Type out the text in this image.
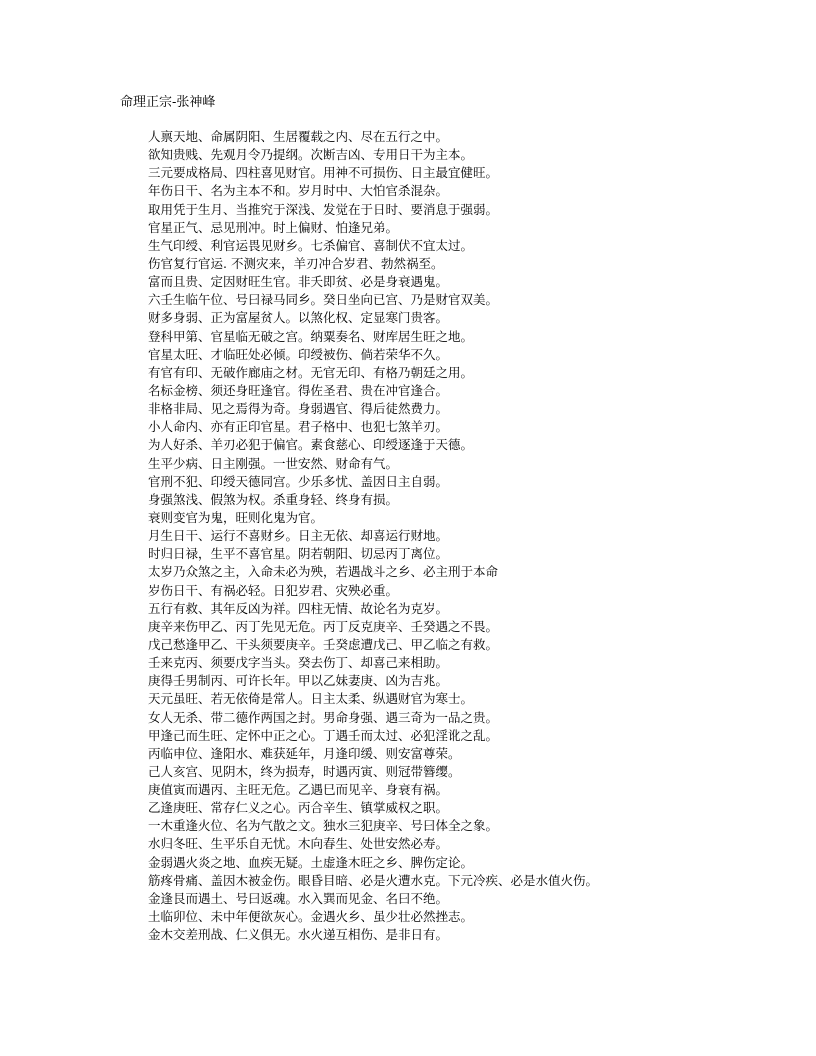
命理正宗-张神峰
人禀天地、命属阴阳、生居覆载之内、尽在五行之中。
欲知贵贱、先观月令乃提纲。次断吉凶、专用日干为主本。
三元要成格局、四柱喜见财官。用神不可损伤、日主最宜健旺。
年伤日干、名为主本不和。岁月时中、大怕官杀混杂。
取用凭于生月、当推究于深浅、发觉在于日时、要消息于强弱。
官星正气、忌见刑冲。时上偏财、怕逢兄弟。
生气印绶、利官运畏见财乡。七杀偏官、喜制伏不宜太过。
伤官复行官运. 不测灾来，羊刃冲合岁君、勃然祸至。
富而且贵、定因财旺生官。非夭即贫、必是身衰遇鬼。
六壬生临午位、号曰禄马同乡。癸日坐向已宫、乃是财官双美。
财多身弱、正为富屋贫人。以煞化权、定显寒门贵客。
登科甲第、官星临无破之宫。纳粟奏名、财库居生旺之地。
官星太旺、才临旺处必倾。印绶被伤、倘若荣华不久。
有官有印、无破作廊庙之材。无官无印、有格乃朝廷之用。
名标金榜、须还身旺逢官。得佐圣君、贵在冲官逢合。
非格非局、见之焉得为奇。身弱遇官、得后徒然费力。
小人命内、亦有正印官星。君子格中、也犯七煞羊刃。
为人好杀、羊刃必犯于偏官。素食慈心、印绶逐逢于天德。
生平少病、日主刚强。一世安然、财命有气。
官刑不犯、印绶天德同宫。少乐多忧、盖因日主自弱。
身强煞浅、假煞为权。杀重身轻、终身有损。
衰则变官为鬼，旺则化鬼为官。
月生日干、运行不喜财乡。日主无依、却喜运行财地。
时归日禄，生平不喜官星。阴若朝阳、切忌丙丁离位。
太岁乃众煞之主，入命未必为殃，若遇战斗之乡、必主刑于本命
岁伤日干、有祸必轻。日犯岁君、灾殃必重。
五行有救、其年反凶为祥。四柱无情、故论名为克岁。
庚辛来伤甲乙、丙丁先见无危。丙丁反克庚辛、壬癸遇之不畏。
戊己愁逢甲乙、干头须要庚辛。壬癸虑遭戊己、甲乙临之有救。
壬来克丙、须要戊字当头。癸去伤丁、却喜己来相助。
庚得壬男制丙、可许长年。甲以乙妹妻庚、凶为吉兆。
天元虽旺、若无依倚是常人。日主太柔、纵遇财官为寒士。
女人无杀、带二德作两国之封。男命身强、遇三奇为一品之贵。
甲逢己而生旺、定怀中正之心。丁遇壬而太过、必犯淫讹之乱。
丙临申位、逢阳水、难获延年，月逢印缓、则安富尊荣。
己人亥宫、见阴木，终为损寿，时遇丙寅、则冠带簪缨。
庚值寅而遇丙、主旺无危。乙遇巳而见辛、身衰有祸。
乙逢庚旺、常存仁义之心。丙合辛生、镇掌威权之职。
一木重逢火位、名为气散之文。独水三犯庚辛、号曰体全之象。
水归冬旺、生平乐自无忧。木向春生、处世安然必寿。
金弱遇火炎之地、血疾无疑。土虚逢木旺之乡、脾伤定论。
筋疼骨痛、盖因木被金伤。眼昏目暗、必是火遭水克。下元冷疾、必是水值火伤。
金逢艮而遇土、号曰返魂。水入巽而见金、名曰不绝。
土临卯位、未中年便欲灰心。金遇火乡、虽少壮必然挫志。
金木交差刑战、仁义俱无。水火递互相伤、是非日有。
